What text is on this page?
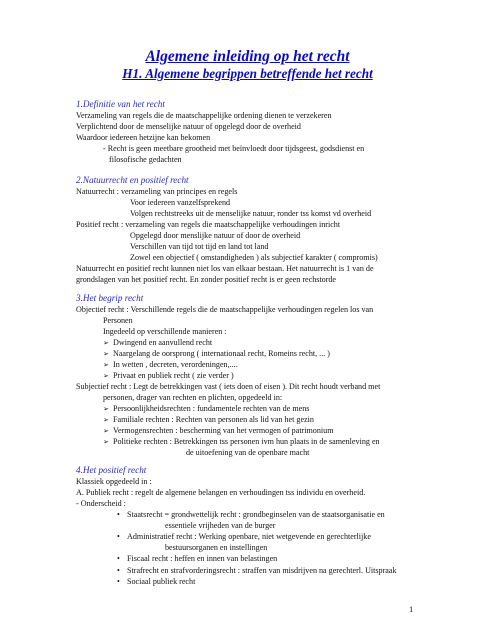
Algemene inleiding op het recht
H1. Algemene begrippen betreffende het recht
1.Definitie van het recht
Verzameling van regels die de maatschappelijke ordening dienen te verzekeren
Verplichtend door de menselijke natuur of opgelegd door de overheid
Waardoor iedereen hetzijne kan bekomen
- Recht is geen meetbare grootheid met beïnvloedt door tijdsgeest, godsdienst en
filosofische gedachten
2.Natuurrecht en positief recht
Natuurrecht : verzameling van principes en regels
Voor iedereen vanzelfsprekend
Volgen rechtstreeks uit de menselijke natuur, ronder tss komst vd overheid
Positief recht : verzameling van regels die maatschappelijke verhoudingen inricht
Opgelegd door menslijke natuur of door de overheid
Verschillen van tijd tot tijd en land tot land
Zowel een objectief ( omstandigheden ) als subjectief karakter ( compromis)
Natuurrecht en positief recht kunnen niet los van elkaar bestaan. Het natuurrecht is 1 van de
grondslagen van het positief recht. En zonder positief recht is er geen rechstorde
3.Het begrip recht
Objectief recht : Verschillende regels die de maatschappelijke verhoudingen regelen los van
Personen
Ingedeeld op verschillende manieren :
➢ Dwingend en aanvullend recht
➢ Naargelang de oorsprong ( internationaal recht, Romeins recht, ... )
➢ In wetten , decreten, verordeningen,....
➢ Privaat en publiek recht ( zie verder )
Subjectief recht : Legt de betrekkingen vast ( iets doen of eisen ). Dit recht houdt verband met
personen, drager van rechten en plichten, opgedeeld in:
➢ Persoonlijkheidsrechten : fundamentele rechten van de mens
➢ Familiale rechten : Rechten van personen als lid van het gezin
➢ Vermogensrechten : bescherming van het vermogen of patrimonium
➢ Politieke rechten : Betrekkingen tss personen ivm hun plaats in de samenleving en
de uitoefening van de openbare macht
4.Het positief recht
Klassiek opgedeeld in :
A. Publiek recht : regelt de algemene belangen en verhoudingen tss individu en overheid.
- Onderscheid :
• Staatsrecht = grondwettelijk recht : grondbeginselen van de staatsorganisatie en
essentiele vrijheden van de burger
• Administratief recht : Werking openbare, niet wetgevende en gerechterlijke
bestuursorganen en instellingen
• Fiscaal recht : heffen en innen van belastingen
• Strafrecht en strafvorderingsrecht : straffen van misdrijven na gerechterl. Uitspraak
• Sociaal publiek recht
1
